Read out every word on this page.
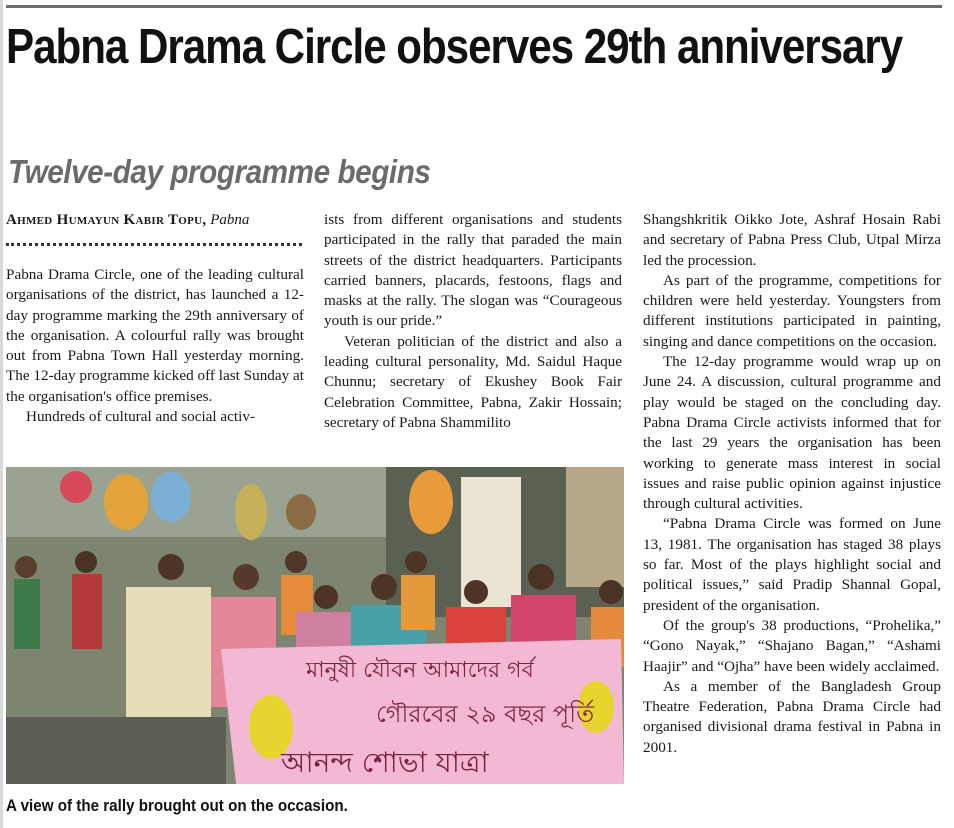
Pabna Drama Circle observes 29th anniversary
Twelve-day programme begins
Ahmed Humayun Kabir Topu, Pabna

Pabna Drama Circle, one of the leading cultural organisations of the district, has launched a 12-day programme marking the 29th anniversary of the organisation. A colourful rally was brought out from Pabna Town Hall yesterday morning. The 12-day programme kicked off last Sunday at the organisation's office premises.

Hundreds of cultural and social activ-

ists from different organisations and students participated in the rally that paraded the main streets of the district headquarters. Participants carried banners, placards, festoons, flags and masks at the rally. The slogan was “Courageous youth is our pride.”

Veteran politician of the district and also a leading cultural personality, Md. Saidul Haque Chunnu; secretary of Ekushey Book Fair Celebration Committee, Pabna, Zakir Hossain; secretary of Pabna Shammilito

Shangshkritik Oikko Jote, Ashraf Hosain Rabi and secretary of Pabna Press Club, Utpal Mirza led the procession.

As part of the programme, competitions for children were held yesterday. Youngsters from different institutions participated in painting, singing and dance competitions on the occasion.

The 12-day programme would wrap up on June 24. A discussion, cultural programme and play would be staged on the concluding day. Pabna Drama Circle activists informed that for the last 29 years the organisation has been working to generate mass interest in social issues and raise public opinion against injustice through cultural activities.

“Pabna Drama Circle was formed on June 13, 1981. The organisation has staged 38 plays so far. Most of the plays highlight social and political issues,” said Pradip Shannal Gopal, president of the organisation.

Of the group's 38 productions, “Prohelika,” “Gono Nayak,” “Shajano Bagan,” “Ashami Haajir” and “Ojha” have been widely acclaimed.

As a member of the Bangladesh Group Theatre Federation, Pabna Drama Circle had organised divisional drama festival in Pabna in 2001.

মানুষী যৌবন আমাদের গর্ব
গৌরবের ২৯ বছর পূর্তি
আনন্দ শোভা যাত্রা

A view of the rally brought out on the occasion.
